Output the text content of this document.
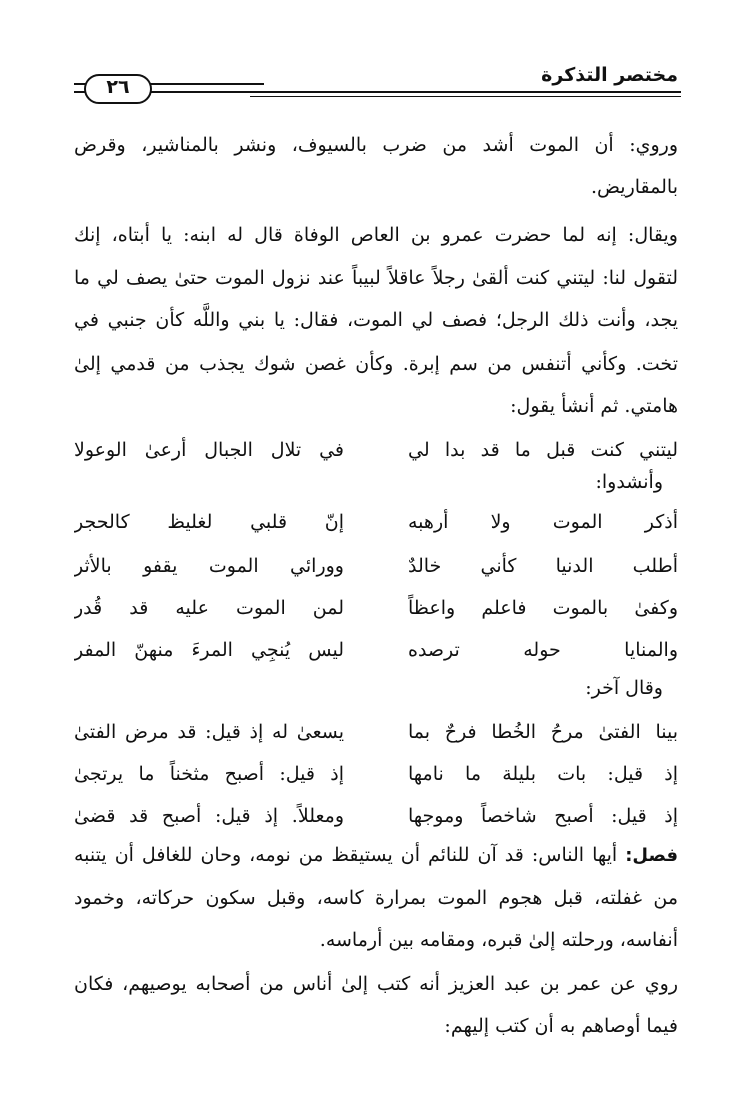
مختصر التذكرة
٢٦
وروي: أن الموت أشد من ضرب بالسيوف، ونشر بالمناشير، وقرض
بالمقاريض.
ويقال: إنه لما حضرت عمرو بن العاص الوفاة قال له ابنه: يا أبتاه، إنك
لتقول لنا: ليتني كنت ألقىٰ رجلاً عاقلاً لبيباً عند نزول الموت حتىٰ يصف لي ما
يجد، وأنت ذلك الرجل؛ فصف لي الموت، فقال: يا بني واللَّه كأن جنبي في
تخت. وكأني أتنفس من سم إبرة. وكأن غصن شوك يجذب من قدمي إلىٰ
هامتي. ثم أنشأ يقول:
ليتني كنت قبل ما قد بدا لي
في تلال الجبال أرعىٰ الوعولا
وأنشدوا:
أذكر الموت ولا أرهبه
إنّ قلبي لغليظ كالحجر
أطلب الدنيا كأني خالدٌ
وورائي الموت يقفو بالأثر
وكفىٰ بالموت فاعلم واعظاً
لمن الموت عليه قد قُدر
والمنايا حوله ترصده
ليس يُنجِي المرءَ منهنّ المفر
وقال آخر:
بينا الفتىٰ مرحُ الخُطا فرحٌ بما
يسعىٰ له إذ قيل: قد مرض الفتىٰ
إذ قيل: بات بليلة ما نامها
إذ قيل: أصبح مثخناً ما يرتجىٰ
إذ قيل: أصبح شاخصاً وموجها
ومعللاً. إذ قيل: أصبح قد قضىٰ
فصل: أيها الناس: قد آن للنائم أن يستيقظ من نومه، وحان للغافل أن يتنبه
من غفلته، قبل هجوم الموت بمرارة كاسه، وقبل سكون حركاته، وخمود
أنفاسه، ورحلته إلىٰ قبره، ومقامه بين أرماسه.
روي عن عمر بن عبد العزيز أنه كتب إلىٰ أناس من أصحابه يوصيهم، فكان
فيما أوصاهم به أن كتب إليهم:
